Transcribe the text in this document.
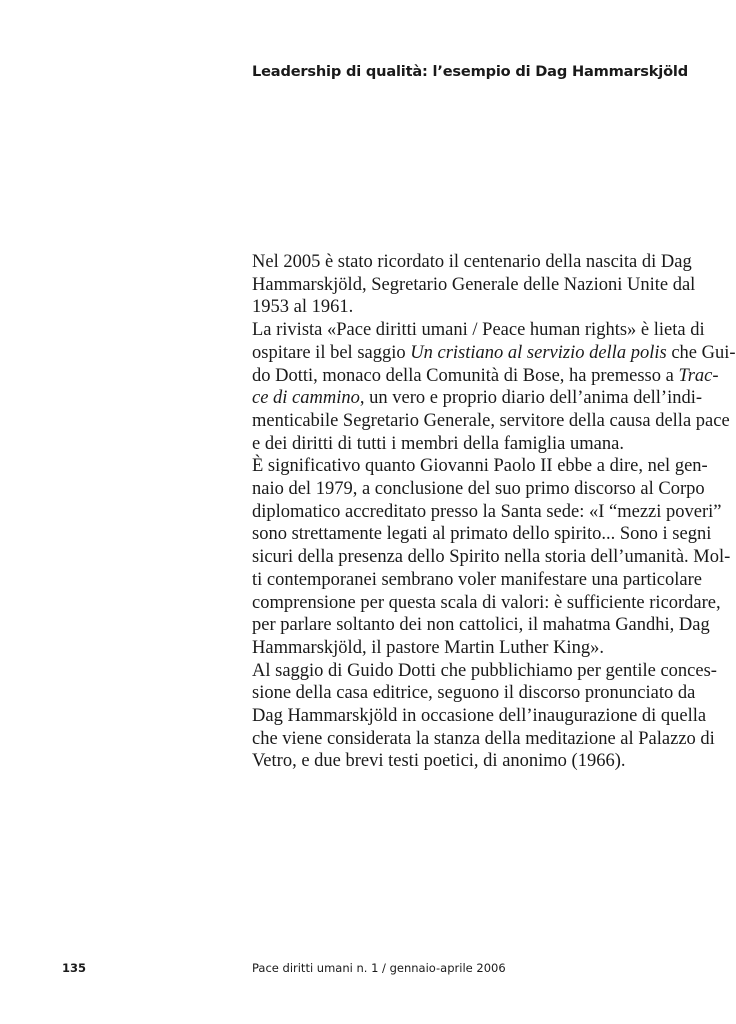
Leadership di qualità: l’esempio di Dag Hammarskjöld
Nel 2005 è stato ricordato il centenario della nascita di Dag
Hammarskjöld, Segretario Generale delle Nazioni Unite dal
1953 al 1961.
La rivista «Pace diritti umani / Peace human rights» è lieta di
ospitare il bel saggio Un cristiano al servizio della polis che Gui-
do Dotti, monaco della Comunità di Bose, ha premesso a Trac-
ce di cammino, un vero e proprio diario dell’anima dell’indi-
menticabile Segretario Generale, servitore della causa della pace
e dei diritti di tutti i membri della famiglia umana.
È significativo quanto Giovanni Paolo II ebbe a dire, nel gen-
naio del 1979, a conclusione del suo primo discorso al Corpo
diplomatico accreditato presso la Santa sede: «I “mezzi poveri”
sono strettamente legati al primato dello spirito... Sono i segni
sicuri della presenza dello Spirito nella storia dell’umanità. Mol-
ti contemporanei sembrano voler manifestare una particolare
comprensione per questa scala di valori: è sufficiente ricordare,
per parlare soltanto dei non cattolici, il mahatma Gandhi, Dag
Hammarskjöld, il pastore Martin Luther King».
Al saggio di Guido Dotti che pubblichiamo per gentile conces-
sione della casa editrice, seguono il discorso pronunciato da
Dag Hammarskjöld in occasione dell’inaugurazione di quella
che viene considerata la stanza della meditazione al Palazzo di
Vetro, e due brevi testi poetici, di anonimo (1966).
135	Pace diritti umani n. 1 / gennaio-aprile 2006
